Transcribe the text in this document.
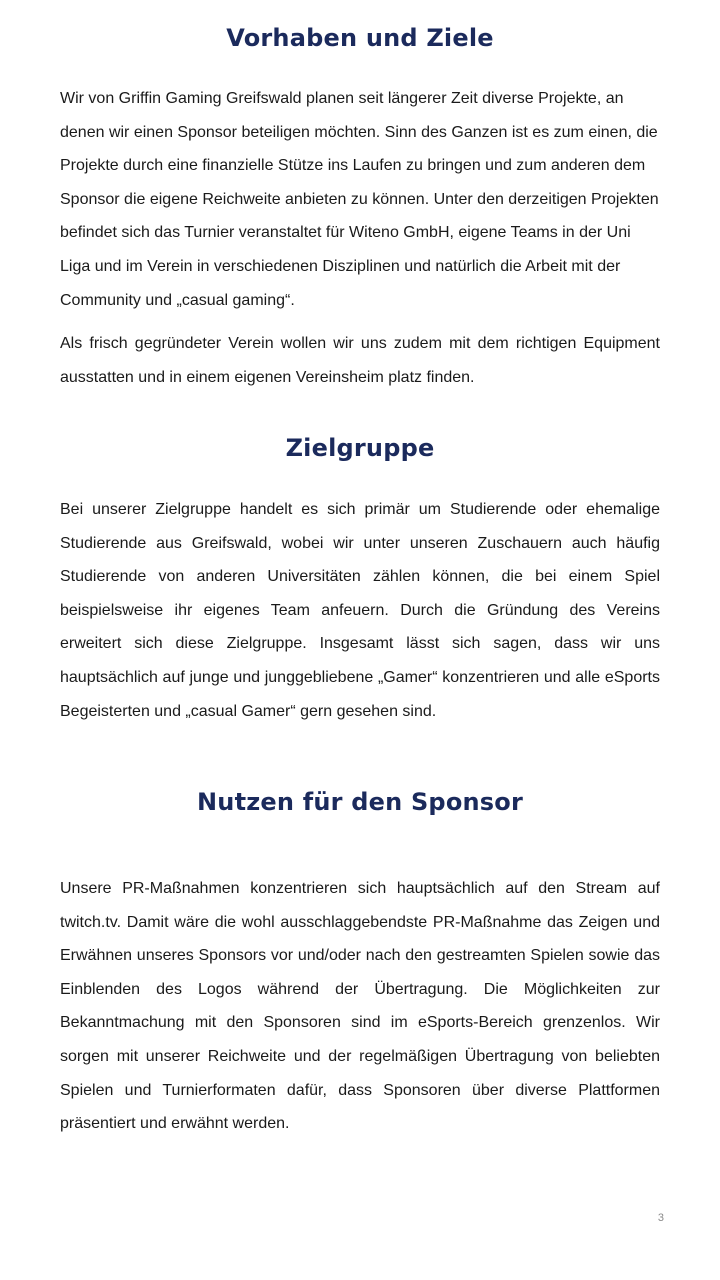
Vorhaben und Ziele

Wir von Griffin Gaming Greifswald planen seit längerer Zeit diverse Projekte, an denen wir einen Sponsor beteiligen möchten. Sinn des Ganzen ist es zum einen, die Projekte durch eine finanzielle Stütze ins Laufen zu bringen und zum anderen dem Sponsor die eigene Reichweite anbieten zu können. Unter den derzeitigen Projekten befindet sich das Turnier veranstaltet für Witeno GmbH, eigene Teams in der Uni Liga und im Verein in verschiedenen Disziplinen und natürlich die Arbeit mit der Community und „casual gaming“.

Als frisch gegründeter Verein wollen wir uns zudem mit dem richtigen Equipment ausstatten und in einem eigenen Vereinsheim platz finden.

Zielgruppe

Bei unserer Zielgruppe handelt es sich primär um Studierende oder ehemalige Studierende aus Greifswald, wobei wir unter unseren Zuschauern auch häufig Studierende von anderen Universitäten zählen können, die bei einem Spiel beispielsweise ihr eigenes Team anfeuern. Durch die Gründung des Vereins erweitert sich diese Zielgruppe. Insgesamt lässt sich sagen, dass wir uns hauptsächlich auf junge und junggebliebene „Gamer“ konzentrieren und alle eSports Begeisterten und „casual Gamer“ gern gesehen sind.

Nutzen für den Sponsor

Unsere PR-Maßnahmen konzentrieren sich hauptsächlich auf den Stream auf twitch.tv. Damit wäre die wohl ausschlaggebendste PR-Maßnahme das Zeigen und Erwähnen unseres Sponsors vor und/oder nach den gestreamten Spielen sowie das Einblenden des Logos während der Übertragung. Die Möglichkeiten zur Bekanntmachung mit den Sponsoren sind im eSports-Bereich grenzenlos. Wir sorgen mit unserer Reichweite und der regelmäßigen Übertragung von beliebten Spielen und Turnierformaten dafür, dass Sponsoren über diverse Plattformen präsentiert und erwähnt werden.

3
